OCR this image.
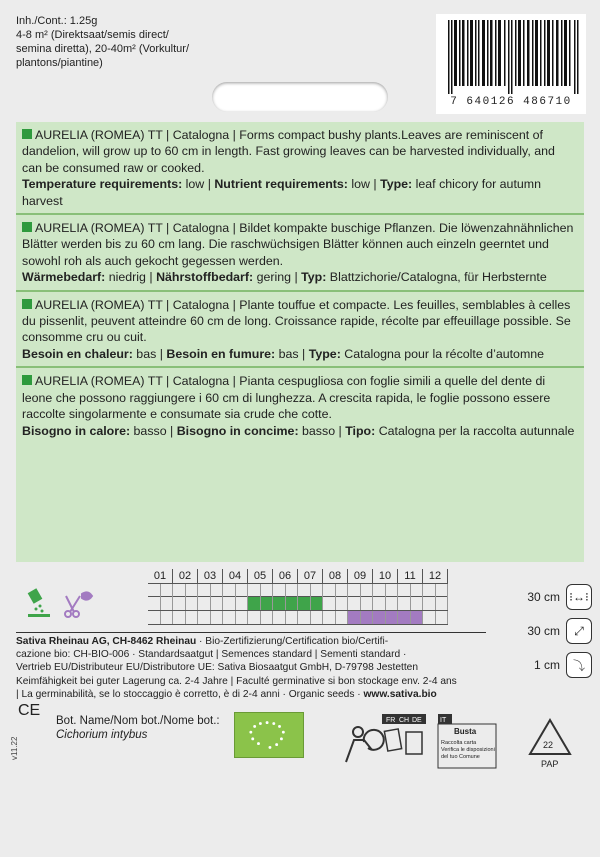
Inh./Cont.: 1.25g
4-8 m² (Direktsaat/semis direct/
semina diretta), 20-40m² (Vorkultur/
plantons/piantine)
7 640126 486710
AURELIA (ROMEA) TT | Catalogna | Forms compact bushy plants.Leaves are reminiscent of dandelion, will grow up to 60 cm in length. Fast growing leaves can be harvested individually, and can be consumed raw or cooked.
Temperature requirements: low | Nutrient requirements: low | Type: leaf chicory for autumn harvest
AURELIA (ROMEA) TT | Catalogna | Bildet kompakte buschige Pflanzen. Die löwenzahnähnlichen Blätter werden bis zu 60 cm lang. Die raschwüchsigen Blätter können auch einzeln geerntet und sowohl roh als auch gekocht gegessen werden.
Wärmebedarf: niedrig | Nährstoffbedarf: gering | Typ: Blattzichorie/Catalogna, für Herbsternte
AURELIA (ROMEA) TT | Catalogna | Plante touffue et compacte. Les feuilles, semblables à celles du pissenlit, peuvent atteindre 60 cm de long. Croissance rapide, récolte par effeuillage possible. Se consomme cru ou cuit.
Besoin en chaleur: bas | Besoin en fumure: bas | Type: Catalogna pour la récolte d’automne
AURELIA (ROMEA) TT | Catalogna | Pianta cespugliosa con foglie simili a quelle del dente di leone che possono raggiungere i 60 cm di lunghezza. A crescita rapida, le foglie possono essere raccolte singolarmente e consumate sia crude che cotte.
Bisogno in calore: basso | Bisogno in concime: basso | Tipo: Catalogna per la raccolta autunnale
01	02	03	04	05	06	07	08	09	10	11	12
30 cm ⁝↔⁝
30 cm	⤢
1 cm	⤵
Sativa Rheinau AG, CH-8462 Rheinau · Bio-Zertifizierung/Certification bio/Certifi-
cazione bio: CH-BIO-006 · Standardsaatgut | Semences standard | Sementi standard ·
Vertrieb EU/Distributeur EU/Distributore UE: Sativa Biosaatgut GmbH, D-79798 Jestetten
Keimfähigkeit bei guter Lagerung ca. 2-4 Jahre | Faculté germinative si bon stockage env. 2-4 ans
| La germinabilità, se lo stoccaggio è corretto, è di 2-4 anni · Organic seeds · www.sativa.bio
CE
v11.22
Bot. Name/Nom bot./Nome bot.:
Cichorium intybus
FR CH DE	IT
Busta
Raccolta carta
Verifica le disposizioni
del tuo Comune
22
PAP
